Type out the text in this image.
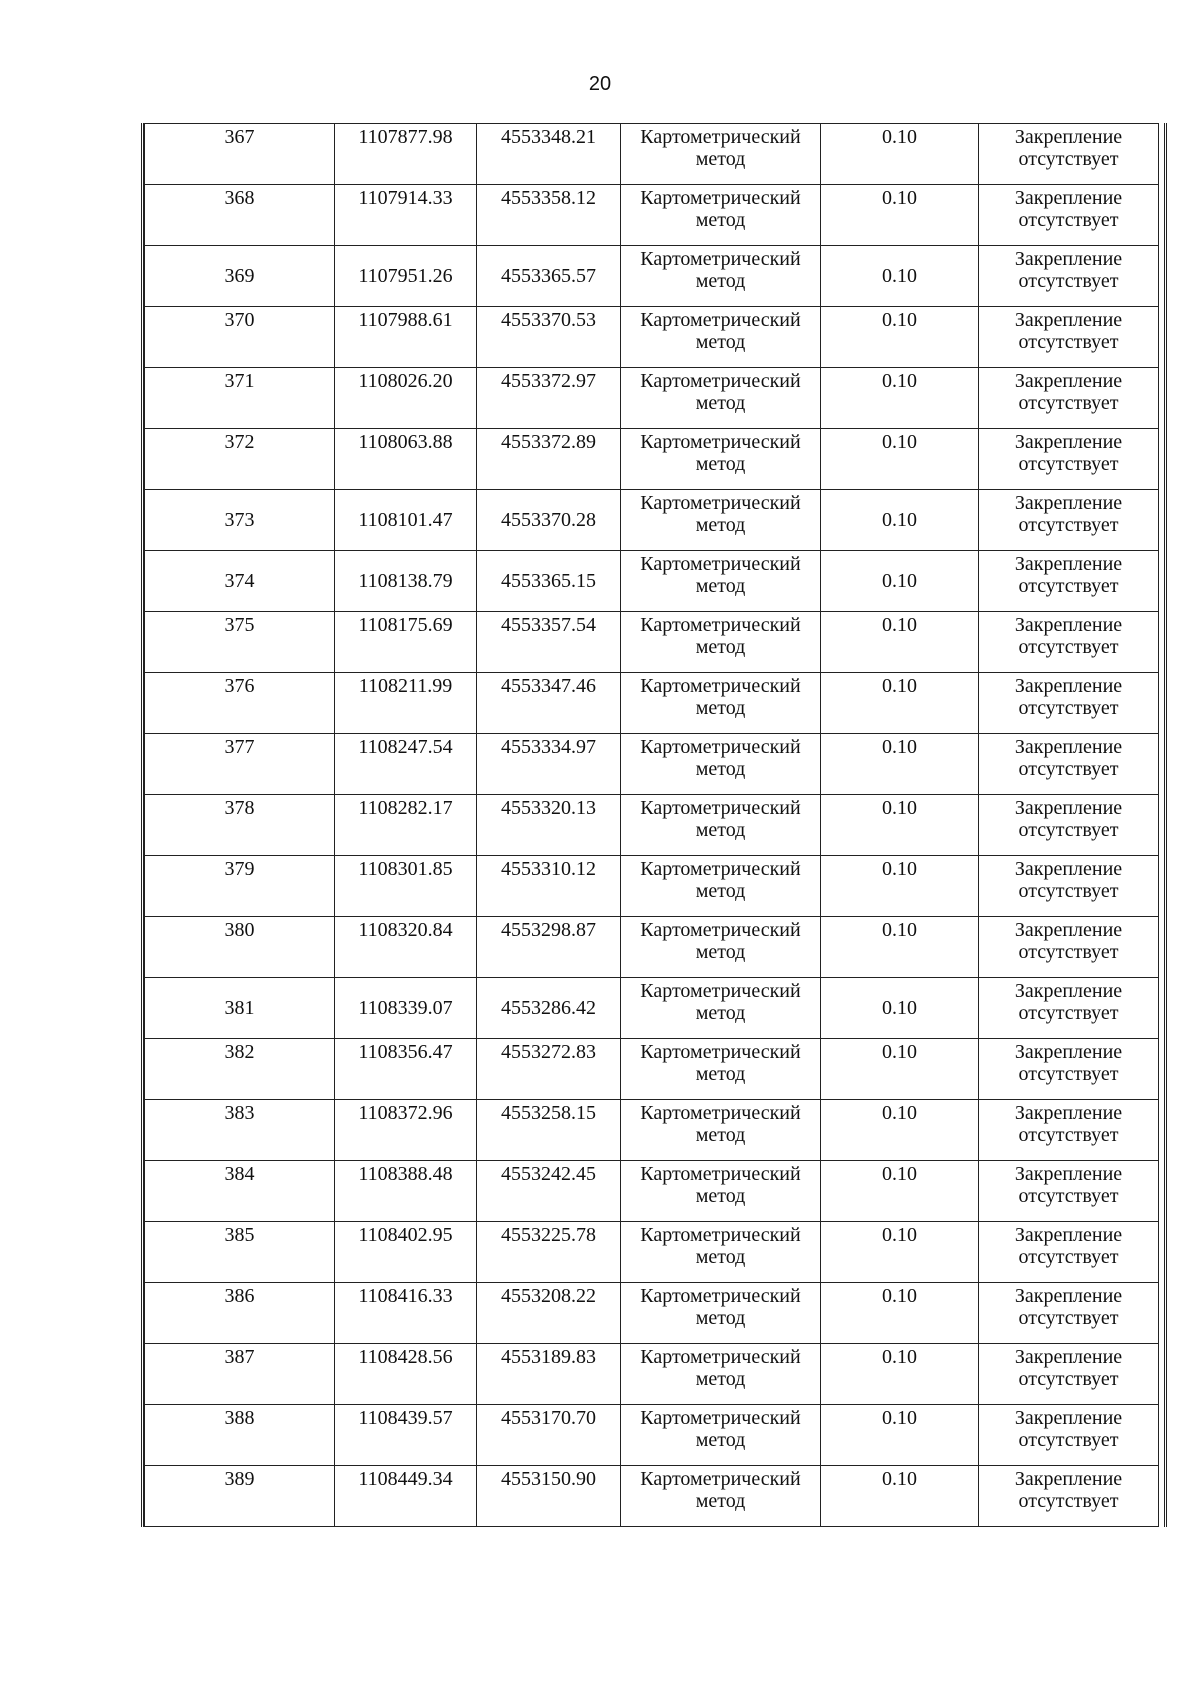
20
367	1107877.98	4553348.21	Картометрический
метод	0.10	Закрепление
отсутствует

368	1107914.33	4553358.12	Картометрический
метод	0.10	Закрепление
отсутствует

369	1107951.26	4553365.57	Картометрический
метод	0.10	Закрепление
отсутствует

370	1107988.61	4553370.53	Картометрический
метод	0.10	Закрепление
отсутствует

371	1108026.20	4553372.97	Картометрический
метод	0.10	Закрепление
отсутствует

372	1108063.88	4553372.89	Картометрический
метод	0.10	Закрепление
отсутствует

373	1108101.47	4553370.28	Картометрический
метод	0.10	Закрепление
отсутствует

374	1108138.79	4553365.15	Картометрический
метод	0.10	Закрепление
отсутствует

375	1108175.69	4553357.54	Картометрический
метод	0.10	Закрепление
отсутствует

376	1108211.99	4553347.46	Картометрический
метод	0.10	Закрепление
отсутствует

377	1108247.54	4553334.97	Картометрический
метод	0.10	Закрепление
отсутствует

378	1108282.17	4553320.13	Картометрический
метод	0.10	Закрепление
отсутствует

379	1108301.85	4553310.12	Картометрический
метод	0.10	Закрепление
отсутствует

380	1108320.84	4553298.87	Картометрический
метод	0.10	Закрепление
отсутствует

381	1108339.07	4553286.42	Картометрический
метод	0.10	Закрепление
отсутствует

382	1108356.47	4553272.83	Картометрический
метод	0.10	Закрепление
отсутствует

383	1108372.96	4553258.15	Картометрический
метод	0.10	Закрепление
отсутствует

384	1108388.48	4553242.45	Картометрический
метод	0.10	Закрепление
отсутствует

385	1108402.95	4553225.78	Картометрический
метод	0.10	Закрепление
отсутствует

386	1108416.33	4553208.22	Картометрический
метод	0.10	Закрепление
отсутствует

387	1108428.56	4553189.83	Картометрический
метод	0.10	Закрепление
отсутствует

388	1108439.57	4553170.70	Картометрический
метод	0.10	Закрепление
отсутствует

389	1108449.34	4553150.90	Картометрический
метод	0.10	Закрепление
отсутствует
